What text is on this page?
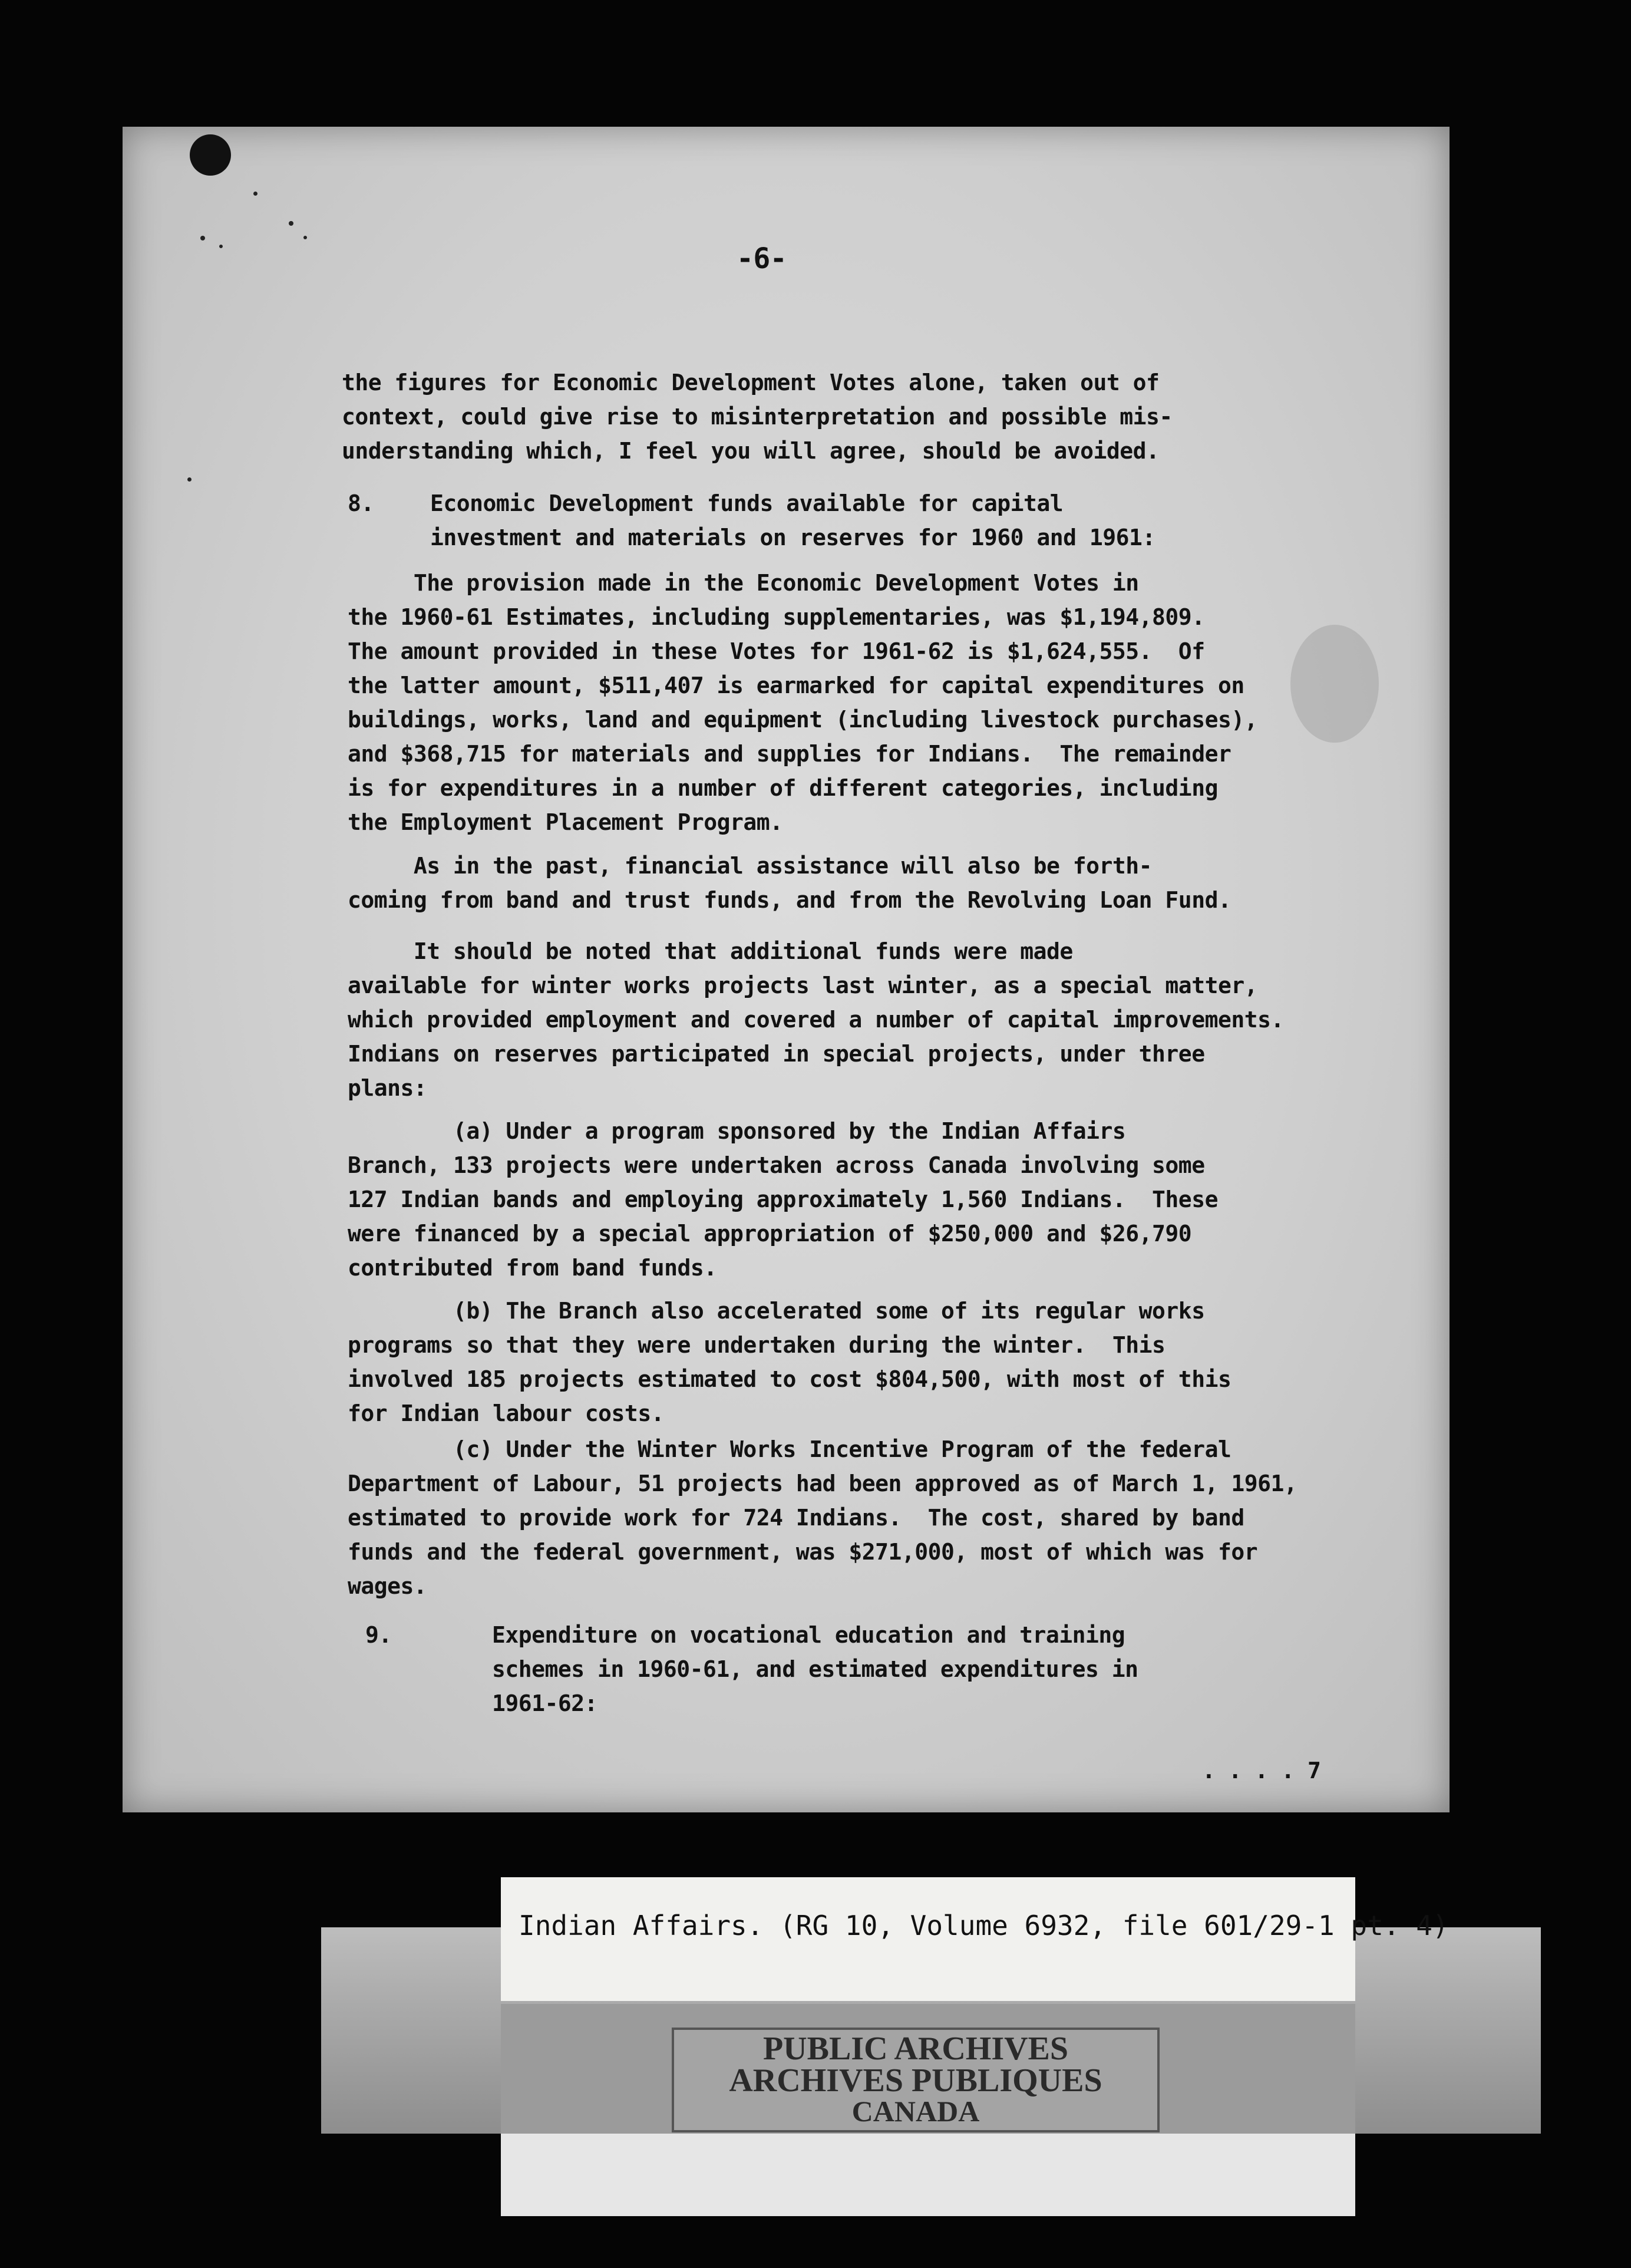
-6-

the figures for Economic Development Votes alone, taken out of
context, could give rise to misinterpretation and possible mis-
understanding which, I feel you will agree, should be avoided.

8.	Economic Development funds available for capital
investment and materials on reserves for 1960 and 1961:

The provision made in the Economic Development Votes in
the 1960-61 Estimates, including supplementaries, was $1,194,809.
The amount provided in these Votes for 1961-62 is $1,624,555.  Of
the latter amount, $511,407 is earmarked for capital expenditures on
buildings, works, land and equipment (including livestock purchases),
and $368,715 for materials and supplies for Indians.  The remainder
is for expenditures in a number of different categories, including
the Employment Placement Program.

As in the past, financial assistance will also be forth-
coming from band and trust funds, and from the Revolving Loan Fund.

It should be noted that additional funds were made
available for winter works projects last winter, as a special matter,
which provided employment and covered a number of capital improvements.
Indians on reserves participated in special projects, under three
plans:

(a) Under a program sponsored by the Indian Affairs
Branch, 133 projects were undertaken across Canada involving some
127 Indian bands and employing approximately 1,560 Indians.  These
were financed by a special appropriation of $250,000 and $26,790
contributed from band funds.

(b) The Branch also accelerated some of its regular works
programs so that they were undertaken during the winter.  This
involved 185 projects estimated to cost $804,500, with most of this
for Indian labour costs.

(c) Under the Winter Works Incentive Program of the federal
Department of Labour, 51 projects had been approved as of March 1, 1961,
estimated to provide work for 724 Indians.  The cost, shared by band
funds and the federal government, was $271,000, most of which was for
wages.

9.	Expenditure on vocational education and training
schemes in 1960-61, and estimated expenditures in
1961-62:

. . . . 7

Indian Affairs. (RG 10, Volume 6932, file 601/29-1 pt. 4)

PUBLIC ARCHIVES

ARCHIVES PUBLIQUES

CANADA
